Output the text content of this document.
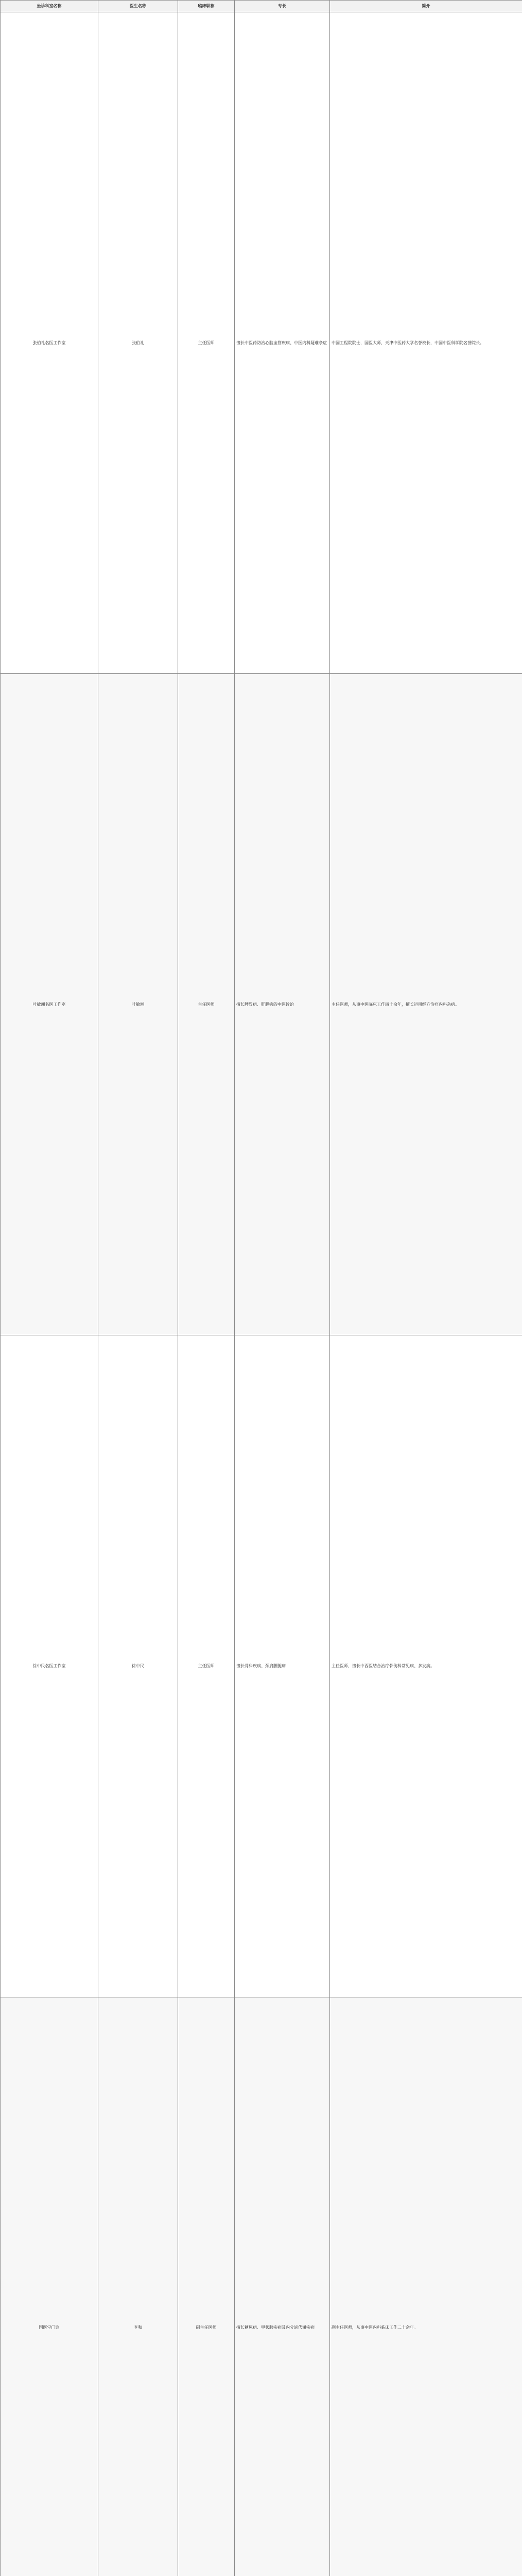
坐诊科室名称	医生名称	临床职称	专长	简介
张伯礼名医工作室	张伯礼	主任医师	擅长中医药防治心脑血管疾病、中医内科疑难杂症	中国工程院院士，国医大师，天津中医药大学名誉校长，中国中医科学院名誉院长。
叶敏湘名医工作室	叶敏湘	主任医师	擅长脾胃病、肝胆病的中医诊治	主任医师，从事中医临床工作四十余年，擅长运用经方治疗内科杂病。
徐中民名医工作室	徐中民	主任医师	擅长骨科疾病、颈肩腰腿痛	主任医师，擅长中西医结合治疗骨伤科常见病、多发病。
国医堂门诊	李和	副主任医师	擅长糖尿病、甲状腺疾病及内分泌代谢疾病	副主任医师，从事中医内科临床工作二十余年。
